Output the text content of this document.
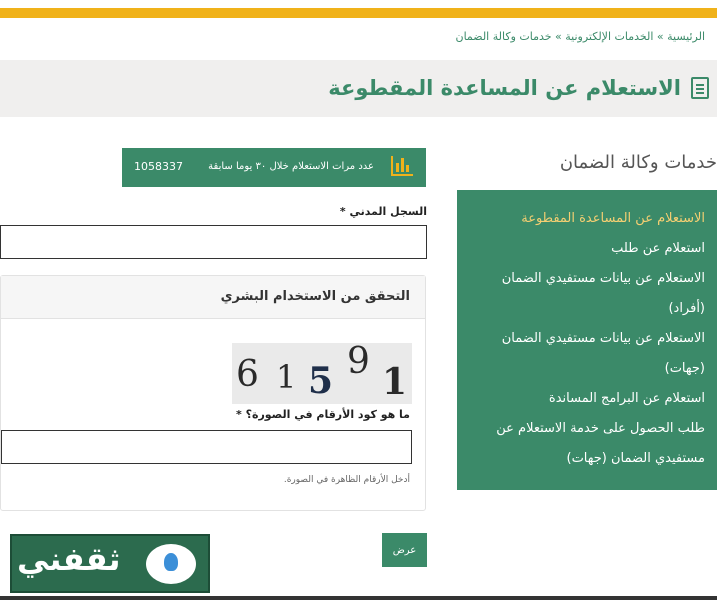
الرئيسية » الخدمات الإلكترونية » خدمات وكالة الضمان
الاستعلام عن المساعدة المقطوعة
خدمات وكالة الضمان
الاستعلام عن المساعدة المقطوعة
استعلام عن طلب
الاستعلام عن بيانات مستفيدي الضمان
(أفراد)
الاستعلام عن بيانات مستفيدي الضمان
(جهات)
استعلام عن البرامج المساندة
طلب الحصول على خدمة الاستعلام عن
مستفيدي الضمان (جهات)
عدد مرات الاستعلام خلال ٣٠ يوما سابقة
1058337
السجل المدني *
التحقق من الاستخدام البشري
6 1 5 9 1
ما هو كود الأرقام في الصورة؟ *
أدخل الأرقام الظاهرة في الصورة.
عرض
ثقفني
